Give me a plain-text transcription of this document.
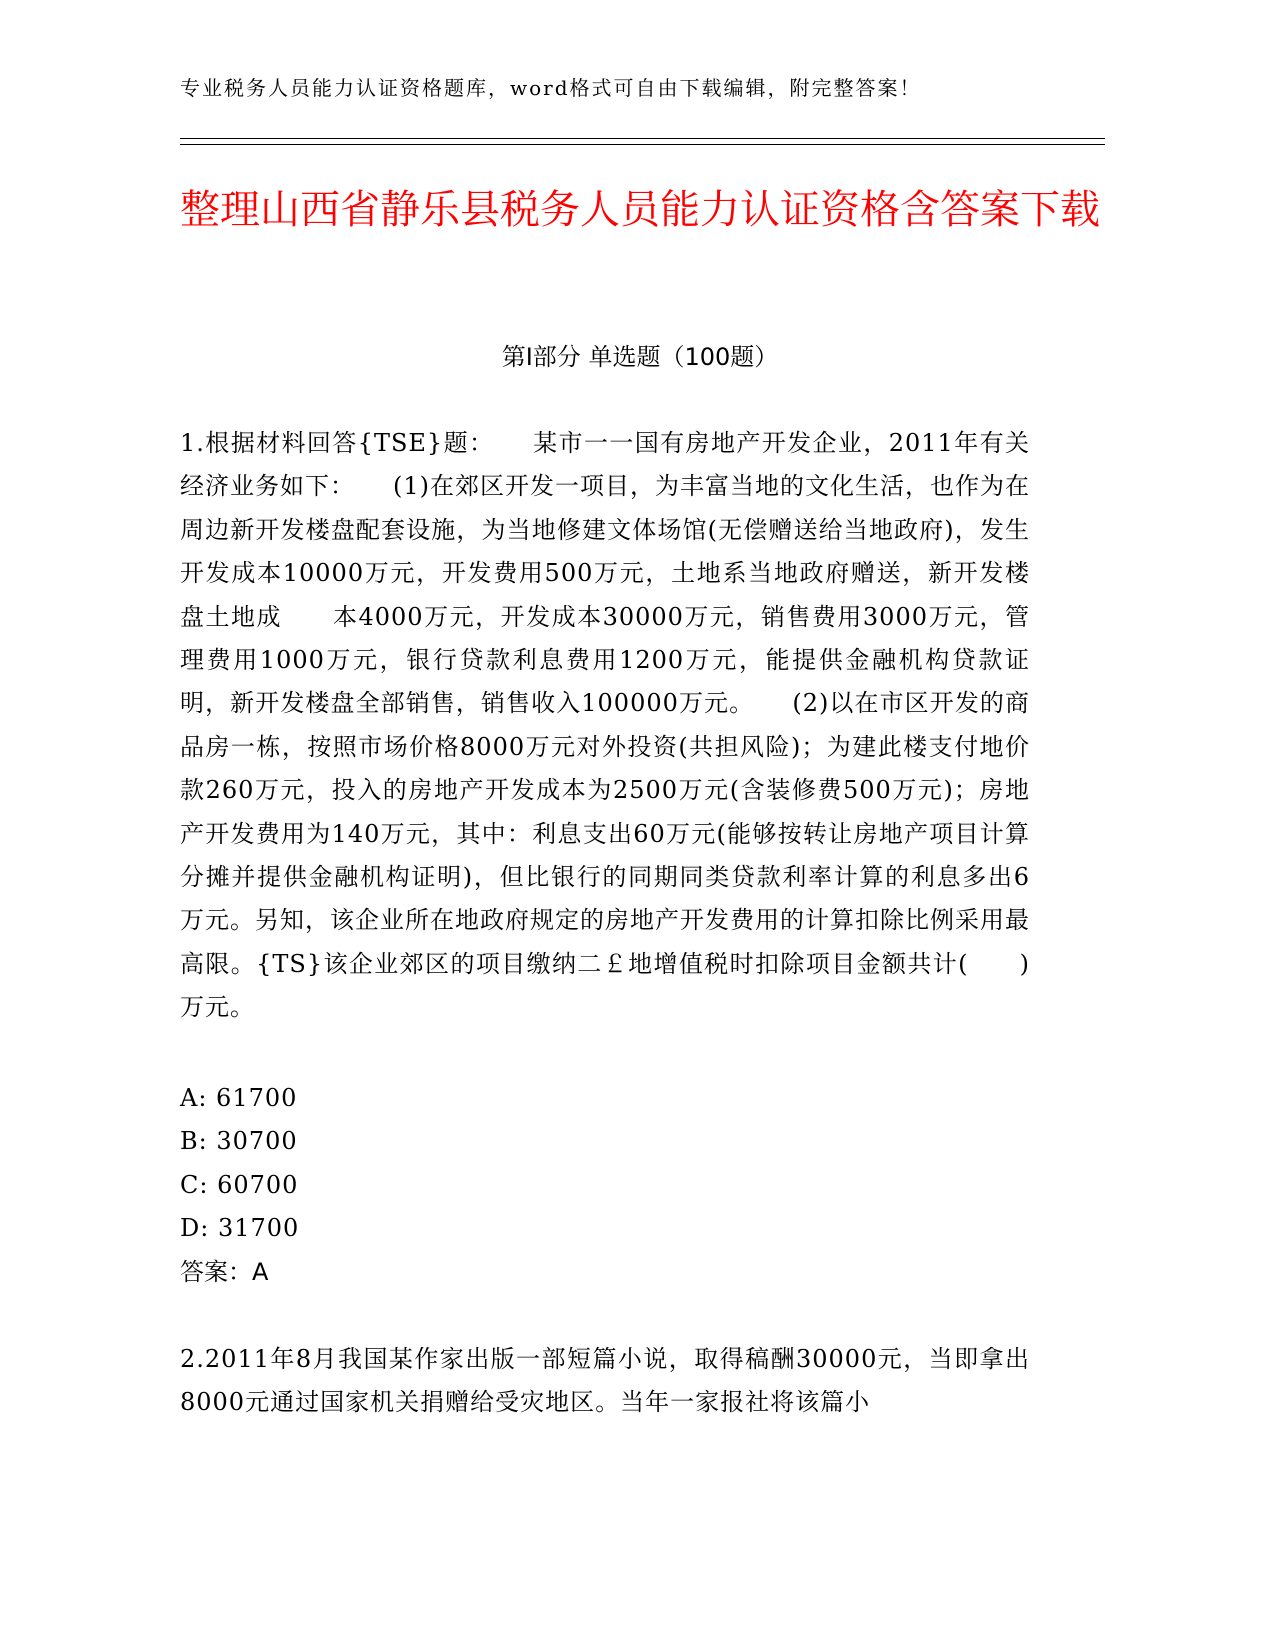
专业税务人员能力认证资格题库，word格式可自由下载编辑，附完整答案！
整理山西省静乐县税务人员能力认证资格含答案下载
第Ⅰ部分 单选题（100题）
1.根据材料回答{TSE}题：　　某市一一国有房地产开发企业，2011年有关经济业务如下：　　(1)在郊区开发一项目，为丰富当地的文化生活，也作为在周边新开发楼盘配套设施，为当地修建文体场馆(无偿赠送给当地政府)，发生开发成本10000万元，开发费用500万元，土地系当地政府赠送，新开发楼盘土地成　　本4000万元，开发成本30000万元，销售费用3000万元，管理费用1000万元，银行贷款利息费用1200万元，能提供金融机构贷款证明，新开发楼盘全部销售，销售收入100000万元。　　(2)以在市区开发的商品房一栋，按照市场价格8000万元对外投资(共担风险)；为建此楼支付地价款260万元，投入的房地产开发成本为2500万元(含装修费500万元)；房地产开发费用为140万元，其中：利息支出60万元(能够按转让房地产项目计算分摊并提供金融机构证明)，但比银行的同期同类贷款利率计算的利息多出6万元。另知，该企业所在地政府规定的房地产开发费用的计算扣除比例采用最高限。{TS}该企业郊区的项目缴纳二￡地增值税时扣除项目金额共计(　　)万元。
A: 61700
B: 30700
C: 60700
D: 31700
答案：A
2.2011年8月我国某作家出版一部短篇小说，取得稿酬30000元，当即拿出8000元通过国家机关捐赠给受灾地区。当年一家报社将该篇小
